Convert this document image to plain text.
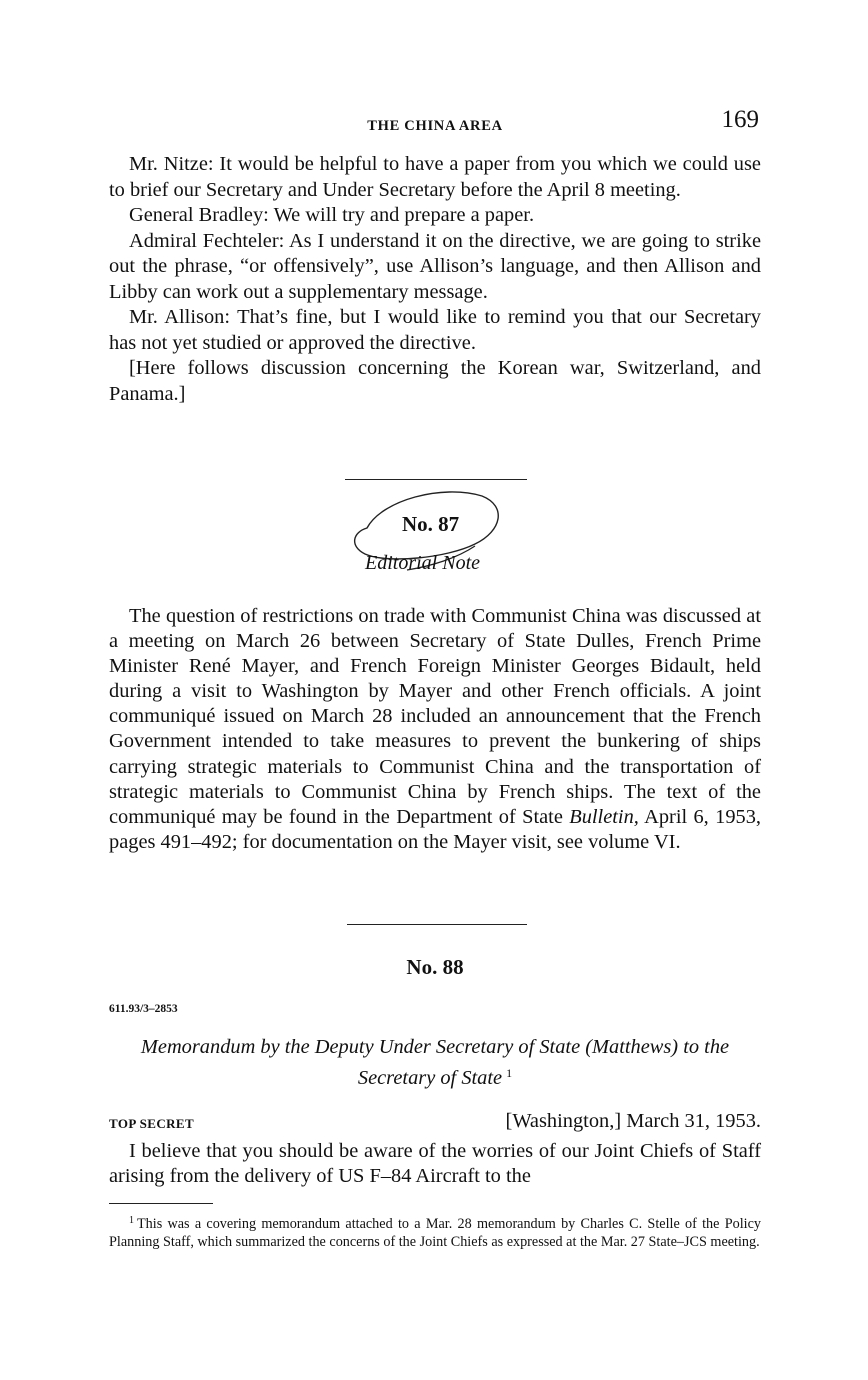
THE CHINA AREA	169

Mr. Nitze: It would be helpful to have a paper from you which we could use to brief our Secretary and Under Secretary before the April 8 meeting.

General Bradley: We will try and prepare a paper.

Admiral Fechteler: As I understand it on the directive, we are going to strike out the phrase, “or offensively”, use Allison’s language, and then Allison and Libby can work out a supplementary message.

Mr. Allison: That’s fine, but I would like to remind you that our Secretary has not yet studied or approved the directive.

[Here follows discussion concerning the Korean war, Switzerland, and Panama.]

No. 87
Editorial Note

The question of restrictions on trade with Communist China was discussed at a meeting on March 26 between Secretary of State Dulles, French Prime Minister René Mayer, and French Foreign Minister Georges Bidault, held during a visit to Washington by Mayer and other French officials. A joint communiqué issued on March 28 included an announcement that the French Government intended to take measures to prevent the bunkering of ships carrying strategic materials to Communist China and the transportation of strategic materials to Communist China by French ships. The text of the communiqué may be found in the Department of State Bulletin, April 6, 1953, pages 491–492; for documentation on the Mayer visit, see volume VI.

No. 88
611.93/3–2853
Memorandum by the Deputy Under Secretary of State (Matthews) to the Secretary of State $^1$
TOP SECRET	[Washington,] March 31, 1953.

I believe that you should be aware of the worries of our Joint Chiefs of Staff arising from the delivery of US F–84 Aircraft to the

$^1$ This was a covering memorandum attached to a Mar. 28 memorandum by Charles C. Stelle of the Policy Planning Staff, which summarized the concerns of the Joint Chiefs as expressed at the Mar. 27 State–JCS meeting.
